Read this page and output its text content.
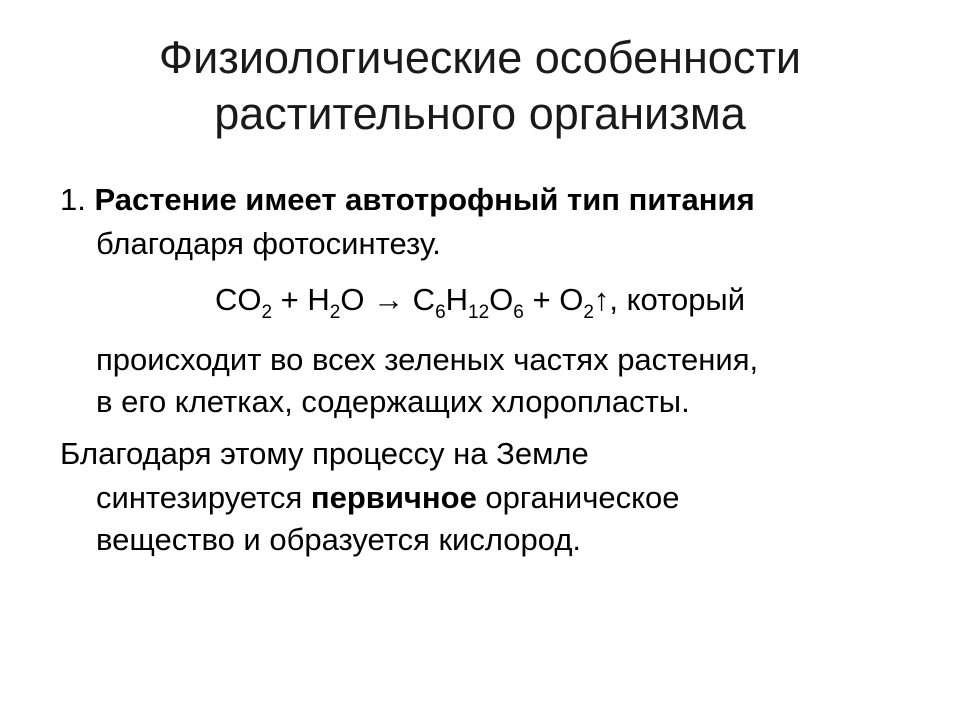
Физиологические особенности
растительного организма
1. Растение имеет автотрофный тип питания
благодаря фотосинтезу.
$CO_2 + H_2O \to C_6H_{12}O_6$ + $O_2↑$, который
происходит во всех зеленых частях растения,
в его клетках, содержащих хлоропласты.
Благодаря этому процессу на Земле
синтезируется первичное органическое
вещество и образуется кислород.
